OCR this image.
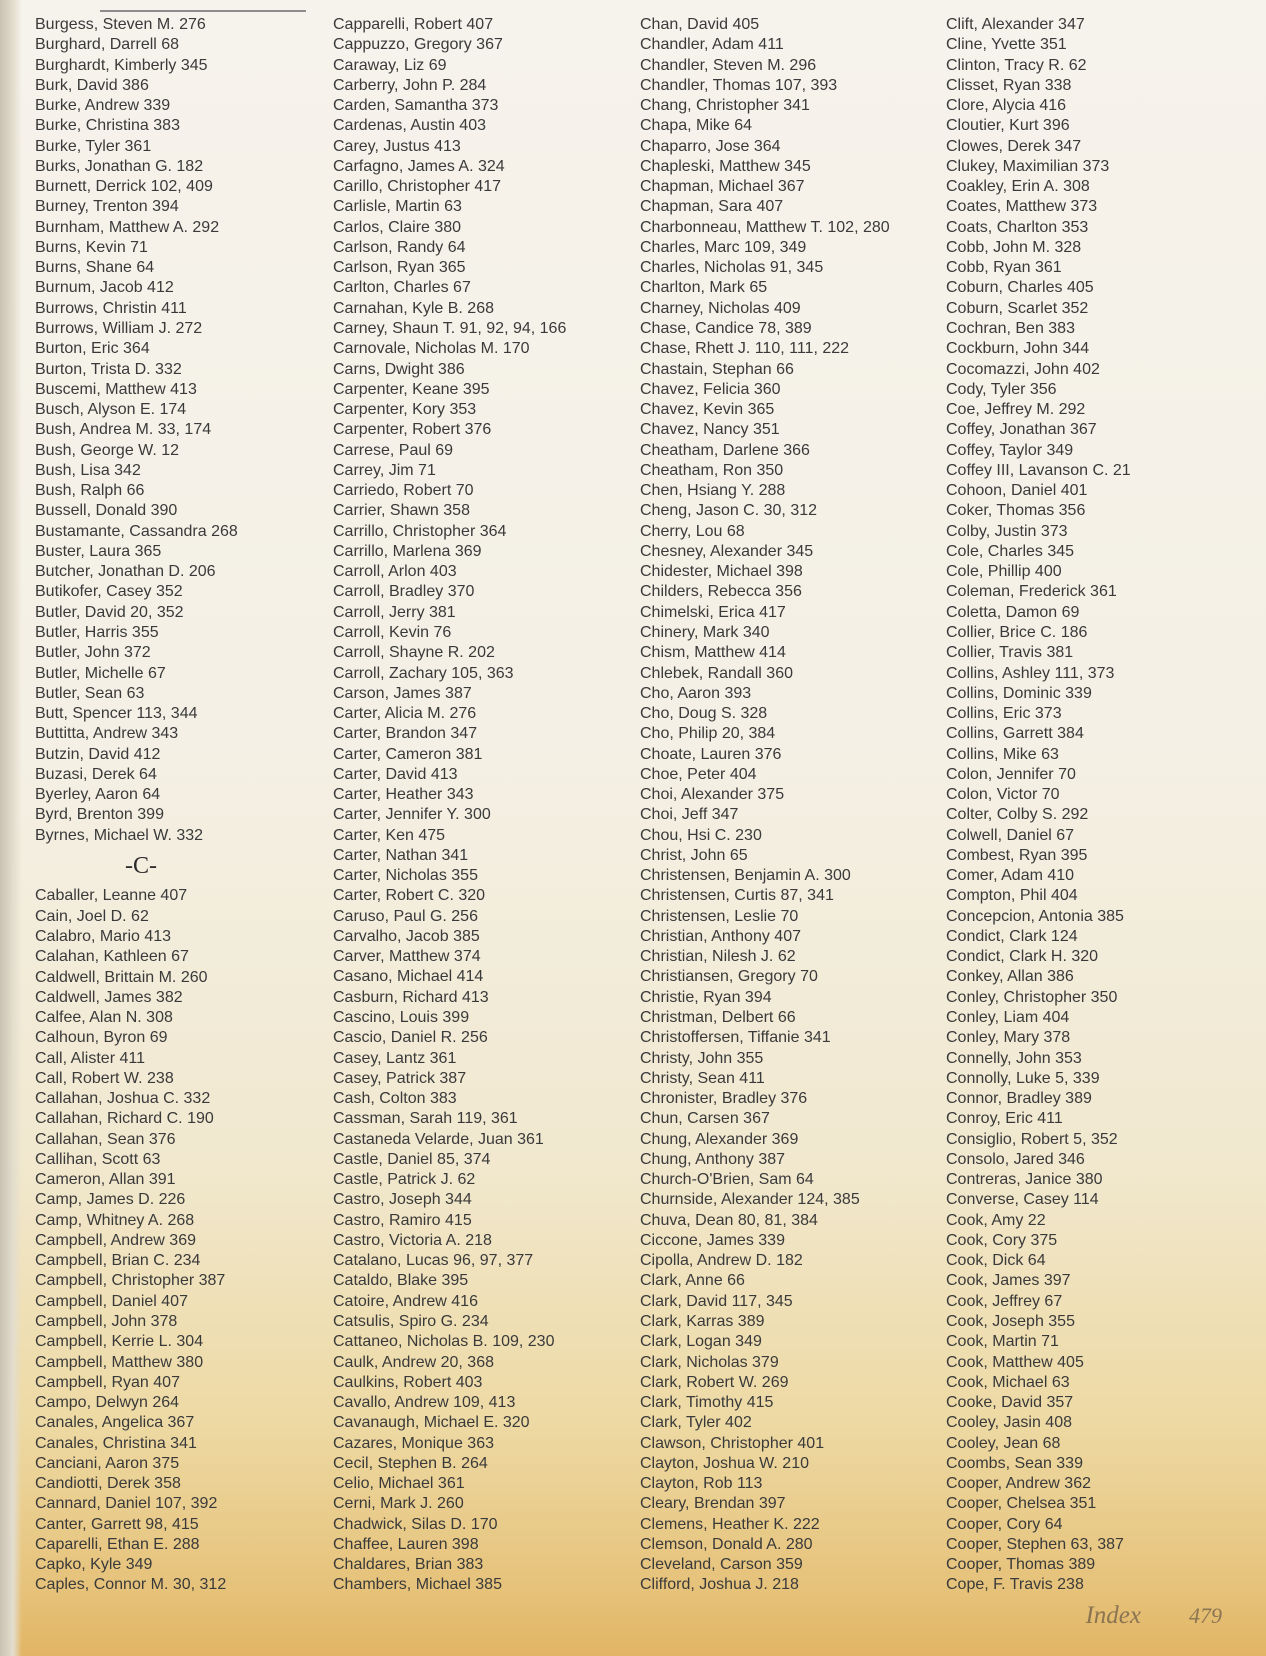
Burgess, Steven M. 276
Burghard, Darrell 68
Burghardt, Kimberly 345
Burk, David 386
Burke, Andrew 339
Burke, Christina 383
Burke, Tyler 361
Burks, Jonathan G. 182
Burnett, Derrick 102, 409
Burney, Trenton 394
Burnham, Matthew A. 292
Burns, Kevin 71
Burns, Shane 64
Burnum, Jacob 412
Burrows, Christin 411
Burrows, William J. 272
Burton, Eric 364
Burton, Trista D. 332
Buscemi, Matthew 413
Busch, Alyson E. 174
Bush, Andrea M. 33, 174
Bush, George W. 12
Bush, Lisa 342
Bush, Ralph 66
Bussell, Donald 390
Bustamante, Cassandra 268
Buster, Laura 365
Butcher, Jonathan D. 206
Butikofer, Casey 352
Butler, David 20, 352
Butler, Harris 355
Butler, John 372
Butler, Michelle 67
Butler, Sean 63
Butt, Spencer 113, 344
Buttitta, Andrew 343
Butzin, David 412
Buzasi, Derek 64
Byerley, Aaron 64
Byrd, Brenton 399
Byrnes, Michael W. 332
-C-
Caballer, Leanne 407
Cain, Joel D. 62
Calabro, Mario 413
Calahan, Kathleen 67
Caldwell, Brittain M. 260
Caldwell, James 382
Calfee, Alan N. 308
Calhoun, Byron 69
Call, Alister 411
Call, Robert W. 238
Callahan, Joshua C. 332
Callahan, Richard C. 190
Callahan, Sean 376
Callihan, Scott 63
Cameron, Allan 391
Camp, James D. 226
Camp, Whitney A. 268
Campbell, Andrew 369
Campbell, Brian C. 234
Campbell, Christopher 387
Campbell, Daniel 407
Campbell, John 378
Campbell, Kerrie L. 304
Campbell, Matthew 380
Campbell, Ryan 407
Campo, Delwyn 264
Canales, Angelica 367
Canales, Christina 341
Canciani, Aaron 375
Candiotti, Derek 358
Cannard, Daniel 107, 392
Canter, Garrett 98, 415
Caparelli, Ethan E. 288
Capko, Kyle 349
Caples, Connor M. 30, 312
Capparelli, Robert 407
Cappuzzo, Gregory 367
Caraway, Liz 69
Carberry, John P. 284
Carden, Samantha 373
Cardenas, Austin 403
Carey, Justus 413
Carfagno, James A. 324
Carillo, Christopher 417
Carlisle, Martin 63
Carlos, Claire 380
Carlson, Randy 64
Carlson, Ryan 365
Carlton, Charles 67
Carnahan, Kyle B. 268
Carney, Shaun T. 91, 92, 94, 166
Carnovale, Nicholas M. 170
Carns, Dwight 386
Carpenter, Keane 395
Carpenter, Kory 353
Carpenter, Robert 376
Carrese, Paul 69
Carrey, Jim 71
Carriedo, Robert 70
Carrier, Shawn 358
Carrillo, Christopher 364
Carrillo, Marlena 369
Carroll, Arlon 403
Carroll, Bradley 370
Carroll, Jerry 381
Carroll, Kevin 76
Carroll, Shayne R. 202
Carroll, Zachary 105, 363
Carson, James 387
Carter, Alicia M. 276
Carter, Brandon 347
Carter, Cameron 381
Carter, David 413
Carter, Heather 343
Carter, Jennifer Y. 300
Carter, Ken 475
Carter, Nathan 341
Carter, Nicholas 355
Carter, Robert C. 320
Caruso, Paul G. 256
Carvalho, Jacob 385
Carver, Matthew 374
Casano, Michael 414
Casburn, Richard 413
Cascino, Louis 399
Cascio, Daniel R. 256
Casey, Lantz 361
Casey, Patrick 387
Cash, Colton 383
Cassman, Sarah 119, 361
Castaneda Velarde, Juan 361
Castle, Daniel 85, 374
Castle, Patrick J. 62
Castro, Joseph 344
Castro, Ramiro 415
Castro, Victoria A. 218
Catalano, Lucas 96, 97, 377
Cataldo, Blake 395
Catoire, Andrew 416
Catsulis, Spiro G. 234
Cattaneo, Nicholas B. 109, 230
Caulk, Andrew 20, 368
Caulkins, Robert 403
Cavallo, Andrew 109, 413
Cavanaugh, Michael E. 320
Cazares, Monique 363
Cecil, Stephen B. 264
Celio, Michael 361
Cerni, Mark J. 260
Chadwick, Silas D. 170
Chaffee, Lauren 398
Chaldares, Brian 383
Chambers, Michael 385
Chan, David 405
Chandler, Adam 411
Chandler, Steven M. 296
Chandler, Thomas 107, 393
Chang, Christopher 341
Chapa, Mike 64
Chaparro, Jose 364
Chapleski, Matthew 345
Chapman, Michael 367
Chapman, Sara 407
Charbonneau, Matthew T. 102, 280
Charles, Marc 109, 349
Charles, Nicholas 91, 345
Charlton, Mark 65
Charney, Nicholas 409
Chase, Candice 78, 389
Chase, Rhett J. 110, 111, 222
Chastain, Stephan 66
Chavez, Felicia 360
Chavez, Kevin 365
Chavez, Nancy 351
Cheatham, Darlene 366
Cheatham, Ron 350
Chen, Hsiang Y. 288
Cheng, Jason C. 30, 312
Cherry, Lou 68
Chesney, Alexander 345
Chidester, Michael 398
Childers, Rebecca 356
Chimelski, Erica 417
Chinery, Mark 340
Chism, Matthew 414
Chlebek, Randall 360
Cho, Aaron 393
Cho, Doug S. 328
Cho, Philip 20, 384
Choate, Lauren 376
Choe, Peter 404
Choi, Alexander 375
Choi, Jeff 347
Chou, Hsi C. 230
Christ, John 65
Christensen, Benjamin A. 300
Christensen, Curtis 87, 341
Christensen, Leslie 70
Christian, Anthony 407
Christian, Nilesh J. 62
Christiansen, Gregory 70
Christie, Ryan 394
Christman, Delbert 66
Christoffersen, Tiffanie 341
Christy, John 355
Christy, Sean 411
Chronister, Bradley 376
Chun, Carsen 367
Chung, Alexander 369
Chung, Anthony 387
Church-O'Brien, Sam 64
Churnside, Alexander 124, 385
Chuva, Dean 80, 81, 384
Ciccone, James 339
Cipolla, Andrew D. 182
Clark, Anne 66
Clark, David 117, 345
Clark, Karras 389
Clark, Logan 349
Clark, Nicholas 379
Clark, Robert W. 269
Clark, Timothy 415
Clark, Tyler 402
Clawson, Christopher 401
Clayton, Joshua W. 210
Clayton, Rob 113
Cleary, Brendan 397
Clemens, Heather K. 222
Clemson, Donald A. 280
Cleveland, Carson 359
Clifford, Joshua J. 218
Clift, Alexander 347
Cline, Yvette 351
Clinton, Tracy R. 62
Clisset, Ryan 338
Clore, Alycia 416
Cloutier, Kurt 396
Clowes, Derek 347
Clukey, Maximilian 373
Coakley, Erin A. 308
Coates, Matthew 373
Coats, Charlton 353
Cobb, John M. 328
Cobb, Ryan 361
Coburn, Charles 405
Coburn, Scarlet 352
Cochran, Ben 383
Cockburn, John 344
Cocomazzi, John 402
Cody, Tyler 356
Coe, Jeffrey M. 292
Coffey, Jonathan 367
Coffey, Taylor 349
Coffey III, Lavanson C. 21
Cohoon, Daniel 401
Coker, Thomas 356
Colby, Justin 373
Cole, Charles 345
Cole, Phillip 400
Coleman, Frederick 361
Coletta, Damon 69
Collier, Brice C. 186
Collier, Travis 381
Collins, Ashley 111, 373
Collins, Dominic 339
Collins, Eric 373
Collins, Garrett 384
Collins, Mike 63
Colon, Jennifer 70
Colon, Victor 70
Colter, Colby S. 292
Colwell, Daniel 67
Combest, Ryan 395
Comer, Adam 410
Compton, Phil 404
Concepcion, Antonia 385
Condict, Clark 124
Condict, Clark H. 320
Conkey, Allan 386
Conley, Christopher 350
Conley, Liam 404
Conley, Mary 378
Connelly, John 353
Connolly, Luke 5, 339
Connor, Bradley 389
Conroy, Eric 411
Consiglio, Robert 5, 352
Consolo, Jared 346
Contreras, Janice 380
Converse, Casey 114
Cook, Amy 22
Cook, Cory 375
Cook, Dick 64
Cook, James 397
Cook, Jeffrey 67
Cook, Joseph 355
Cook, Martin 71
Cook, Matthew 405
Cook, Michael 63
Cooke, David 357
Cooley, Jasin 408
Cooley, Jean 68
Coombs, Sean 339
Cooper, Andrew 362
Cooper, Chelsea 351
Cooper, Cory 64
Cooper, Stephen 63, 387
Cooper, Thomas 389
Cope, F. Travis 238
Index 479
